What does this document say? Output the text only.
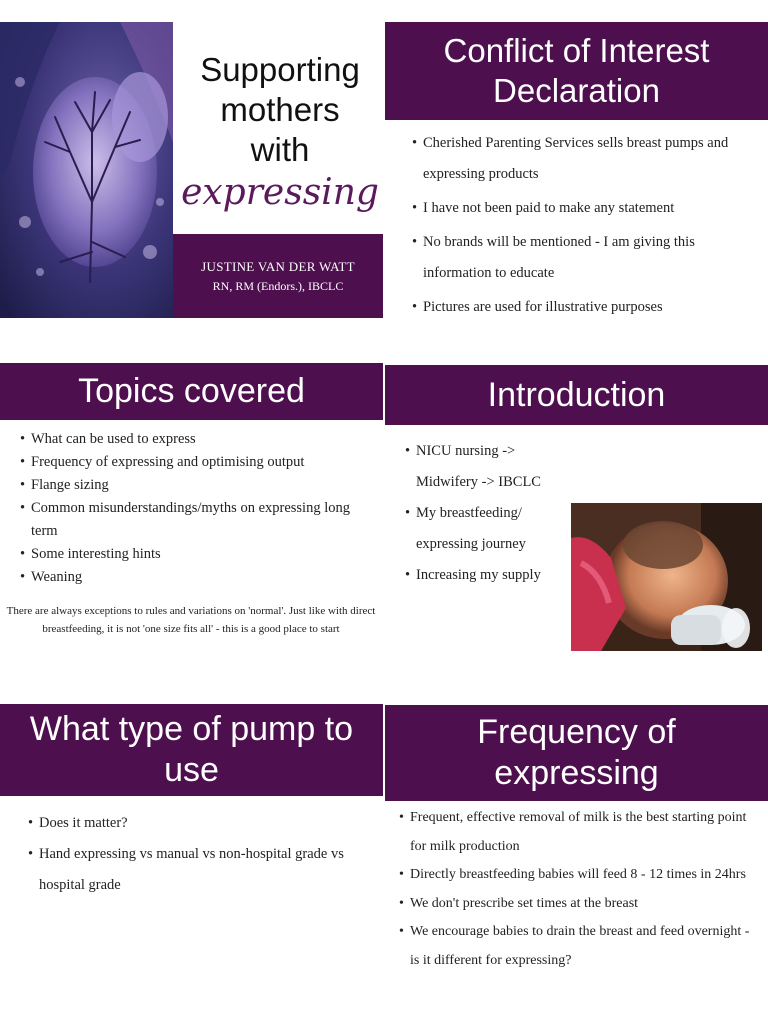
Supporting
mothers
with
expressing
JUSTINE VAN DER WATT
RN, RM (Endors.), IBCLC
Conflict of Interest Declaration
• Cherished Parenting Services sells breast pumps and expressing products
• I have not been paid to make any statement
• No brands will be mentioned - I am giving this information to educate
• Pictures are used for illustrative purposes
Topics covered
• What can be used to express
• Frequency of expressing and optimising output
• Flange sizing
• Common misunderstandings/myths on expressing long term
• Some interesting hints
• Weaning
There are always exceptions to rules and variations on 'normal'. Just like with direct breastfeeding, it is not 'one size fits all' - this is a good place to start
Introduction
• NICU nursing -> Midwifery -> IBCLC
• My breastfeeding/ expressing journey
• Increasing my supply
What type of pump to use
• Does it matter?
• Hand expressing vs manual vs non-hospital grade vs hospital grade
Frequency of expressing
• Frequent, effective removal of milk is the best starting point for milk production
• Directly breastfeeding babies will feed 8 - 12 times in 24hrs
• We don't prescribe set times at the breast
• We encourage babies to drain the breast and feed overnight - is it different for expressing?
